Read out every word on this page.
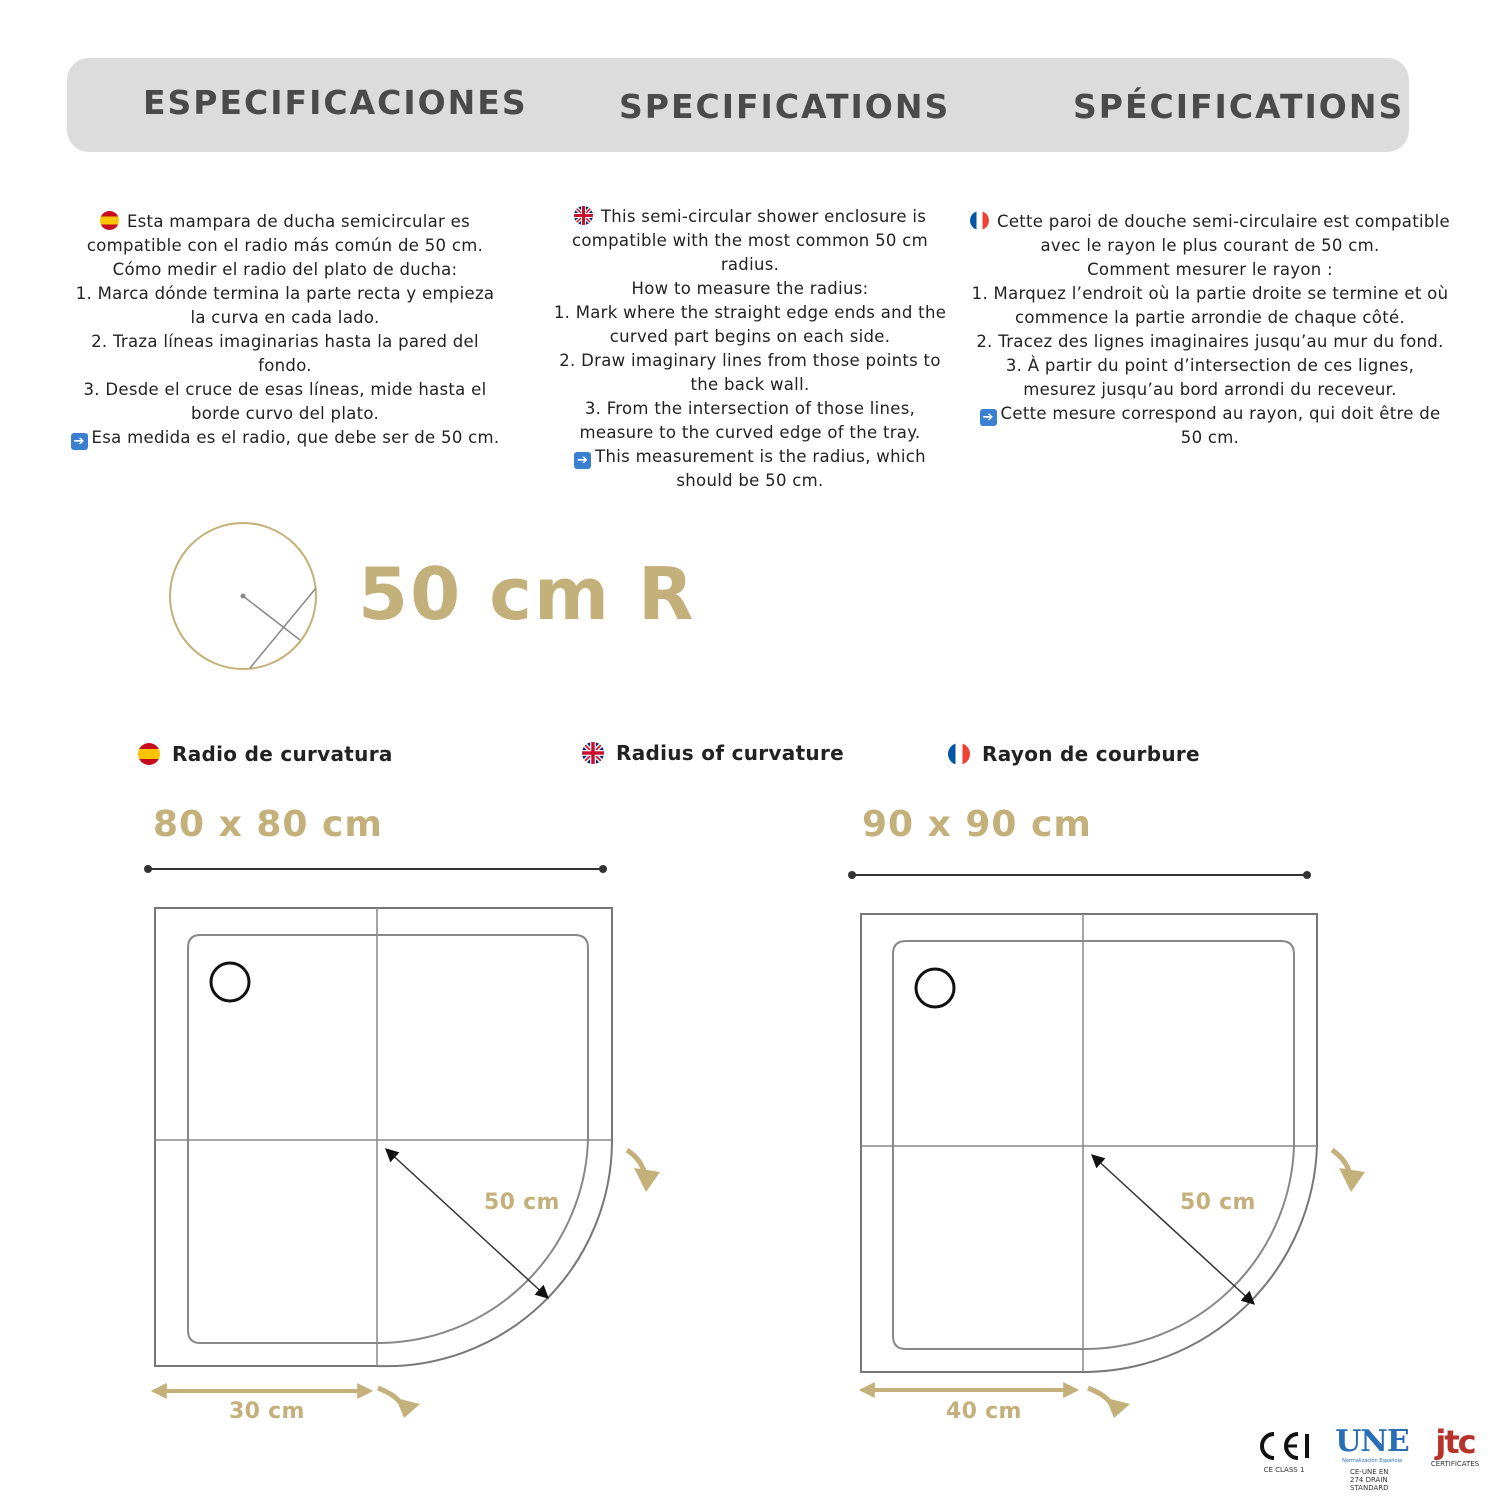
ESPECIFICACIONES	SPECIFICATIONS	SPÉCIFICATIONS

Esta mampara de ducha semicircular es

compatible con el radio más común de 50 cm.

Cómo medir el radio del plato de ducha:

1. Marca dónde termina la parte recta y empieza

la curva en cada lado.

2. Traza líneas imaginarias hasta la pared del

fondo.

3. Desde el cruce de esas líneas, mide hasta el

borde curvo del plato.

➔ Esa medida es el radio, que debe ser de 50 cm.

This semi-circular shower enclosure is

compatible with the most common 50 cm

radius.

How to measure the radius:

1. Mark where the straight edge ends and the

curved part begins on each side.

2. Draw imaginary lines from those points to

the back wall.

3. From the intersection of those lines,

measure to the curved edge of the tray.

➔ This measurement is the radius, which

should be 50 cm.

Cette paroi de douche semi-circulaire est compatible

avec le rayon le plus courant de 50 cm.

Comment mesurer le rayon :

1. Marquez l’endroit où la partie droite se termine et où

commence la partie arrondie de chaque côté.

2. Tracez des lignes imaginaires jusqu’au mur du fond.

3. À partir du point d’intersection de ces lignes,

mesurez jusqu’au bord arrondi du receveur.

➔ Cette mesure correspond au rayon, qui doit être de

50 cm.

50 cm R
Radio de curvatura	Radius of curvature	Rayon de courbure
80 x 80 cm	90 x 90 cm
50 cm
30 cm
50 cm
40 cm
CE CLASS 1
UNE
Normalización Española
CE-UNE EN 274 DRAIN STANDARD
jtc
CERTIFICATES
